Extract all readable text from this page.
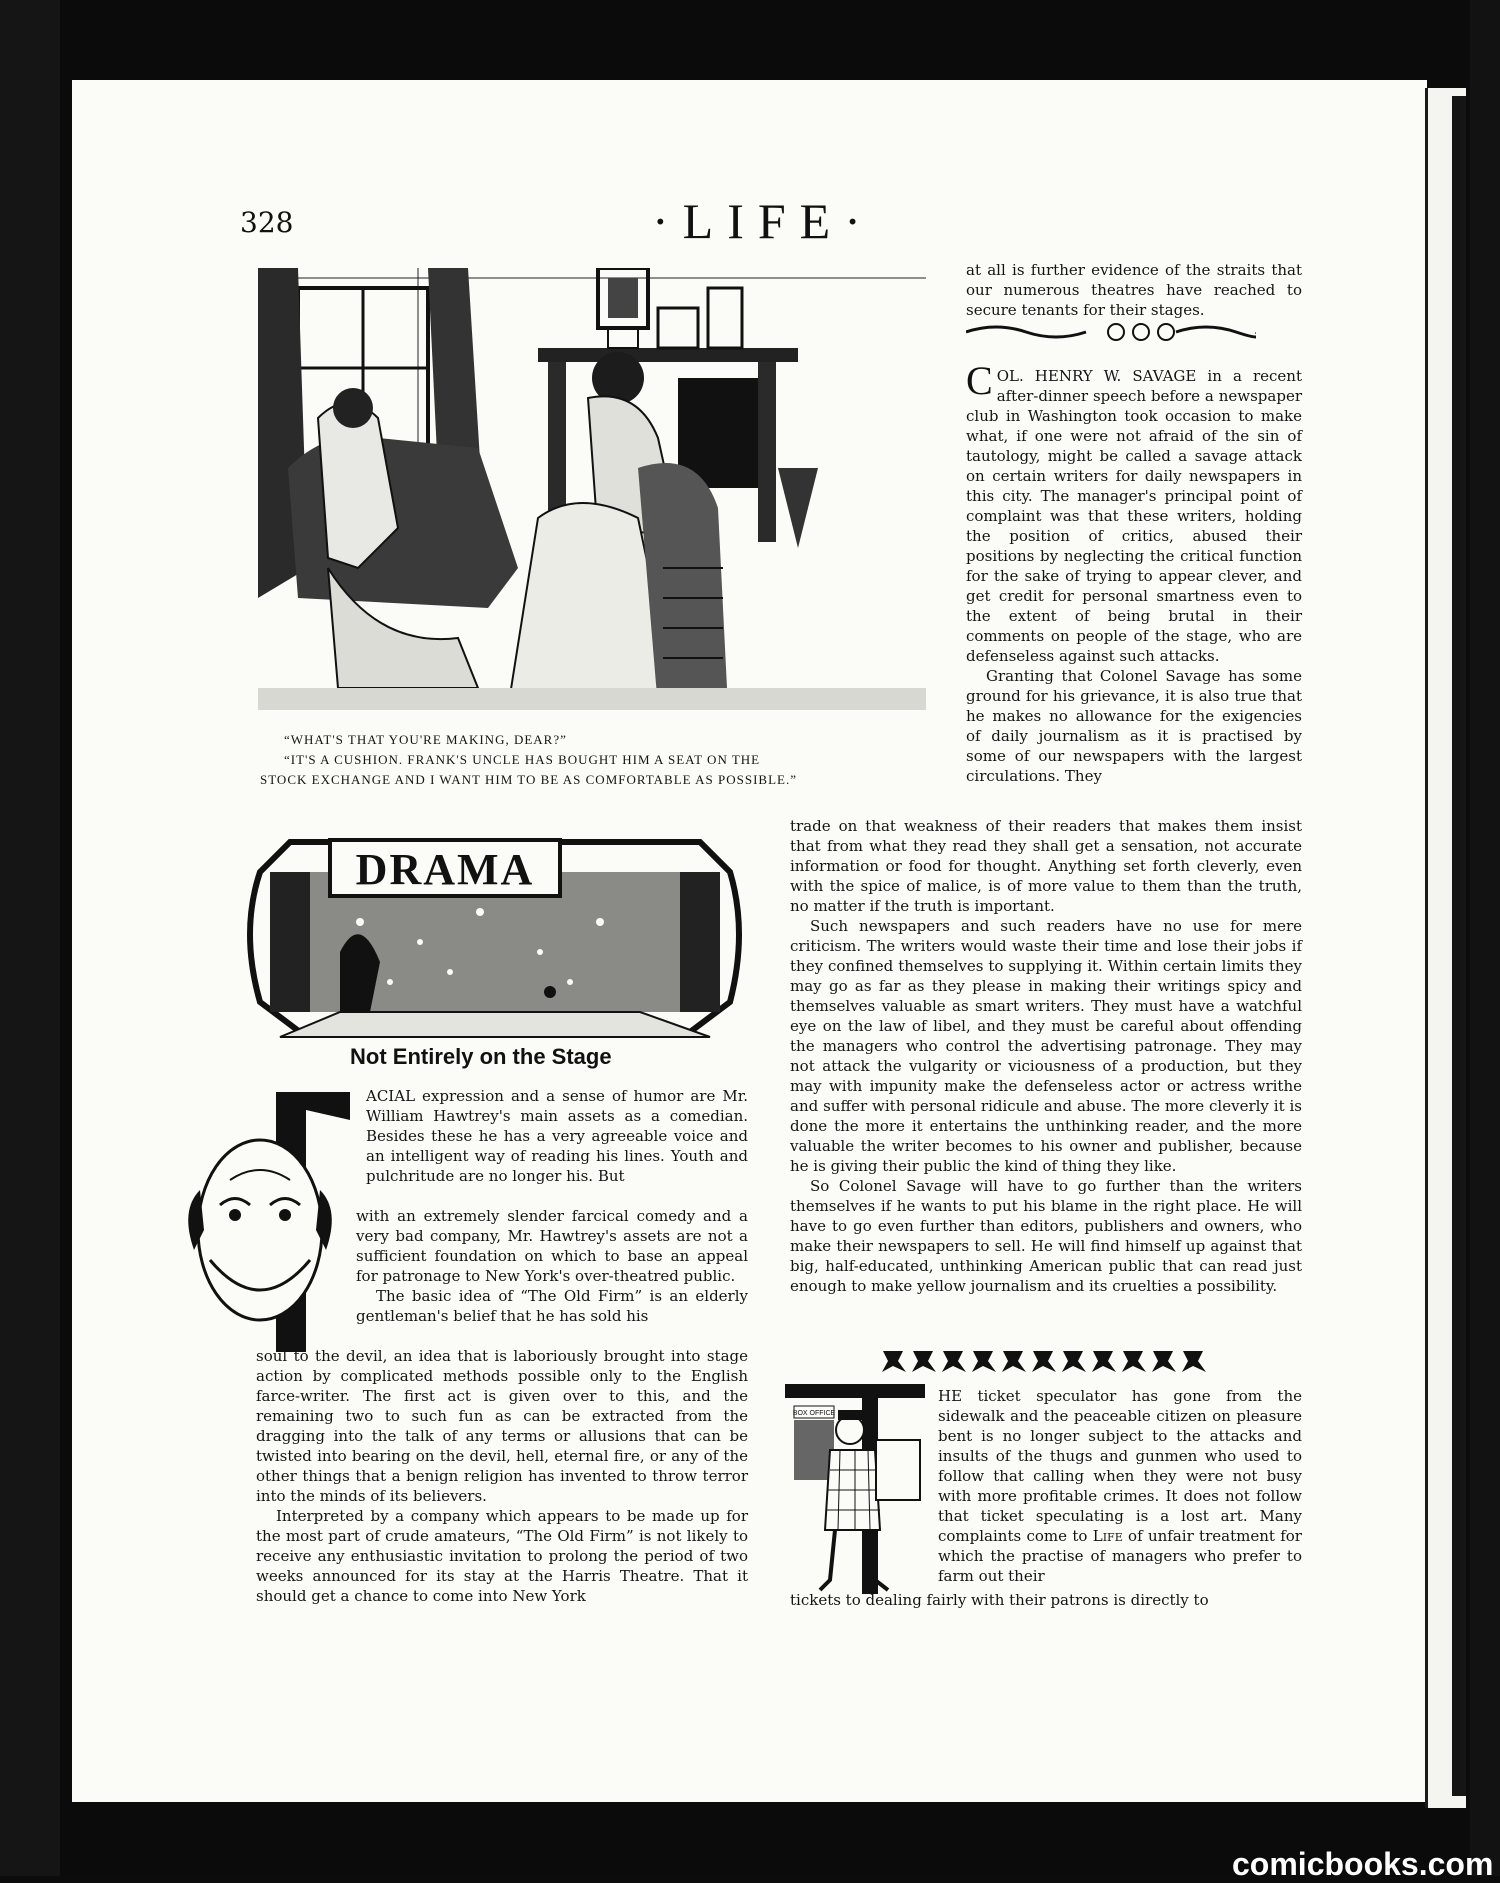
328	·LIFE·
“WHAT'S THAT YOU'RE MAKING, DEAR?”
“IT'S A CUSHION. FRANK'S UNCLE HAS BOUGHT HIM A SEAT ON THE
STOCK EXCHANGE AND I WANT HIM TO BE AS COMFORTABLE AS POSSIBLE.”
DRAMA
Not Entirely on the Stage

ACIAL expression and a sense of humor are Mr. William Hawtrey's main assets as a comedian. Besides these he has a very agreeable voice and an intelligent way of reading his lines. Youth and pulchritude are no longer his. But

with an extremely slender farcical comedy and a very bad company, Mr. Hawtrey's assets are not a sufficient foundation on which to base an appeal for patronage to New York's over-theatred public.

The basic idea of “The Old Firm” is an elderly gentleman's belief that he has sold his

soul to the devil, an idea that is laboriously brought into stage action by complicated methods possible only to the English farce-writer. The first act is given over to this, and the remaining two to such fun as can be extracted from the dragging into the talk of any terms or allusions that can be twisted into bearing on the devil, hell, eternal fire, or any of the other things that a benign religion has invented to throw terror into the minds of its believers.

Interpreted by a company which appears to be made up for the most part of crude amateurs, “The Old Firm” is not likely to receive any enthusiastic invitation to prolong the period of two weeks announced for its stay at the Harris Theatre. That it should get a chance to come into New York

at all is further evidence of the straits that our numerous theatres have reached to secure tenants for their stages.

COL. HENRY W. SAVAGE in a recent after-dinner speech before a newspaper club in Washington took occasion to make what, if one were not afraid of the sin of tautology, might be called a savage attack on certain writers for daily newspapers in this city. The manager's principal point of complaint was that these writers, holding the position of critics, abused their positions by neglecting the critical function for the sake of trying to appear clever, and get credit for personal smartness even to the extent of being brutal in their comments on people of the stage, who are defenseless against such attacks.

Granting that Colonel Savage has some ground for his grievance, it is also true that he makes no allowance for the exigencies of daily journalism as it is practised by some of our newspapers with the largest circulations. They

trade on that weakness of their readers that makes them insist that from what they read they shall get a sensation, not accurate information or food for thought. Anything set forth cleverly, even with the spice of malice, is of more value to them than the truth, no matter if the truth is important.

Such newspapers and such readers have no use for mere criticism. The writers would waste their time and lose their jobs if they confined themselves to supplying it. Within certain limits they may go as far as they please in making their writings spicy and themselves valuable as smart writers. They must have a watchful eye on the law of libel, and they must be careful about offending the managers who control the advertising patronage. They may not attack the vulgarity or viciousness of a production, but they may with impunity make the defenseless actor or actress writhe and suffer with personal ridicule and abuse. The more cleverly it is done the more it entertains the unthinking reader, and the more valuable the writer becomes to his owner and publisher, because he is giving their public the kind of thing they like.

So Colonel Savage will have to go further than the writers themselves if he wants to put his blame in the right place. He will have to go even further than editors, publishers and owners, who make their newspapers to sell. He will find himself up against that big, half-educated, unthinking American public that can read just enough to make yellow journalism and its cruelties a possibility.

BOX OFFICE

HE ticket speculator has gone from the sidewalk and the peaceable citizen on pleasure bent is no longer subject to the attacks and insults of the thugs and gunmen who used to follow that calling when they were not busy with more profitable crimes. It does not follow that ticket speculating is a lost art. Many complaints come to Life of unfair treatment for which the practise of managers who prefer to farm out their

tickets to dealing fairly with their patrons is directly to

comicbooks.com
